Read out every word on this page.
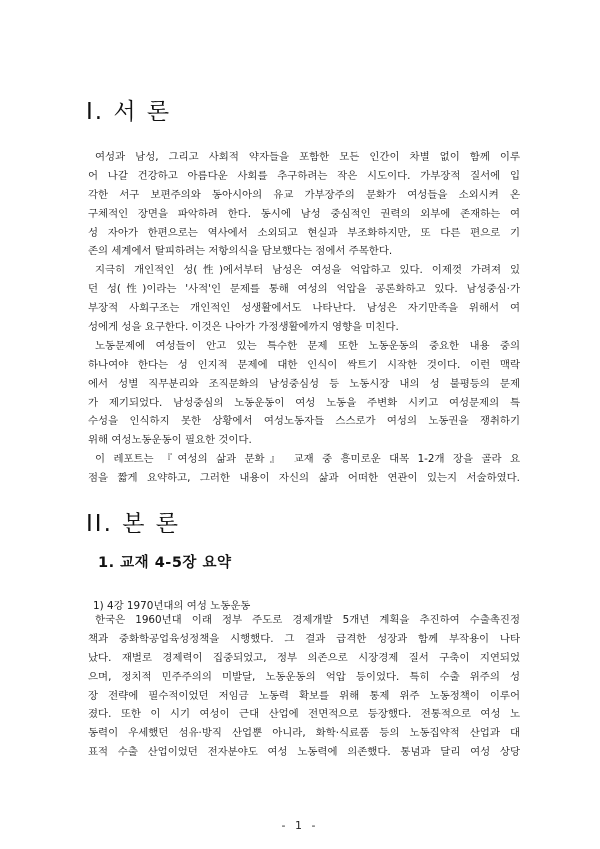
I. 서 론
여성과 남성, 그리고 사회적 약자들을 포함한 모든 인간이 차별 없이 함께 이루
어 나갈 건강하고 아름다운 사회를 추구하려는 작은 시도이다. 가부장적 질서에 입
각한 서구 보편주의와 동아시아의 유교 가부장주의 문화가 여성들을 소외시켜 온
구체적인 장면을 파악하려 한다. 동시에 남성 중심적인 권력의 외부에 존재하는 여
성 자아가 한편으로는 역사에서 소외되고 현실과 부조화하지만, 또 다른 편으로 기
존의 세계에서 탈피하려는 저항의식을 담보했다는 점에서 주목한다.
지극히 개인적인 성(性)에서부터 남성은 여성을 억압하고 있다. 이제껏 가려져 있
던 성(性)이라는 '사적'인 문제를 통해 여성의 억압을 공론화하고 있다. 남성중심·가
부장적 사회구조는 개인적인 성생활에서도 나타난다. 남성은 자기만족을 위해서 여
성에게 성을 요구한다. 이것은 나아가 가정생활에까지 영향을 미친다.
노동문제에 여성들이 안고 있는 특수한 문제 또한 노동운동의 중요한 내용 중의
하나여야 한다는 성 인지적 문제에 대한 인식이 싹트기 시작한 것이다. 이런 맥락
에서 성별 직무분리와 조직문화의 남성중심성 등 노동시장 내의 성 불평등의 문제
가 제기되었다. 남성중심의 노동운동이 여성 노동을 주변화 시키고 여성문제의 특
수성을 인식하지 못한 상황에서 여성노동자들 스스로가 여성의 노동권을 쟁취하기
위해 여성노동운동이 필요한 것이다.
이 레포트는 『여성의 삶과 문화』 교재 중 흥미로운 대목 1-2개 장을 골라 요
점을 짧게 요약하고, 그러한 내용이 자신의 삶과 어떠한 연관이 있는지 서술하였다.
II. 본 론
1. 교재 4-5장 요약
1) 4강 1970년대의 여성 노동운동
한국은 1960년대 이래 정부 주도로 경제개발 5개년 계획을 추진하여 수출촉진정
책과 중화학공업육성정책을 시행했다. 그 결과 급격한 성장과 함께 부작용이 나타
났다. 재벌로 경제력이 집중되었고, 정부 의존으로 시장경제 질서 구축이 지연되었
으며, 정치적 민주주의의 미발달, 노동운동의 억압 등이었다. 특히 수출 위주의 성
장 전략에 필수적이었던 저임금 노동력 확보를 위해 통제 위주 노동정책이 이루어
졌다. 또한 이 시기 여성이 근대 산업에 전면적으로 등장했다. 전통적으로 여성 노
동력이 우세했던 섬유·방직 산업뿐 아니라, 화학·식료품 등의 노동집약적 산업과 대
표적 수출 산업이었던 전자분야도 여성 노동력에 의존했다. 통념과 달리 여성 상당
- 1 -
